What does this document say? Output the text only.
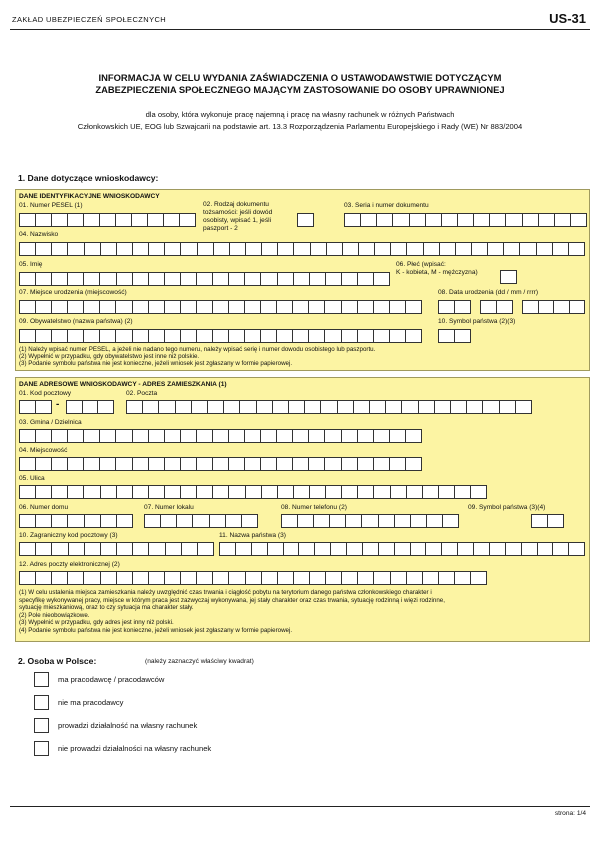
ZAKŁAD UBEZPIECZEŃ SPOŁECZNYCH	US-31
INFORMACJA W CELU WYDANIA ZAŚWIADCZENIA O USTAWODAWSTWIE DOTYCZĄCYM
ZABEZPIECZENIA SPOŁECZNEGO MAJĄCYM ZASTOSOWANIE DO OSOBY UPRAWNIONEJ
dla osoby, która wykonuje pracę najemną i pracę na własny rachunek w różnych Państwach
Członkowskich UE, EOG lub Szwajcarii na podstawie art. 13.3 Rozporządzenia Parlamentu Europejskiego i Rady (WE) Nr 883/2004
1. Dane dotyczące wnioskodawcy:
DANE IDENTYFIKACYJNE WNIOSKODAWCY
01. Numer PESEL (1)	02. Rodzaj dokumentu
tożsamości: jeśli dowód
osobisty, wpisać 1, jeśli
paszport - 2
03. Seria i numer dokumentu
04. Nazwisko
05. Imię	06. Płeć (wpisać:
K - kobieta, M - mężczyzna)
07. Miejsce urodzenia (miejscowość)	08. Data urodzenia (dd / mm / rrrr)
09. Obywatelstwo (nazwa państwa) (2)	10. Symbol państwa (2)(3)
(1) Należy wpisać numer PESEL, a jeżeli nie nadano tego numeru, należy wpisać serię i numer dowodu osobistego lub paszportu.
(2) Wypełnić w przypadku, gdy obywatelstwo jest inne niż polskie.
(3) Podanie symbolu państwa nie jest konieczne, jeżeli wniosek jest zgłaszany w formie papierowej.
DANE ADRESOWE WNIOSKODAWCY - ADRES ZAMIESZKANIA (1)
01. Kod pocztowy
-
02. Poczta
03. Gmina / Dzielnica
04. Miejscowość
05. Ulica
06. Numer domu	07. Numer lokalu	08. Numer telefonu (2)	09. Symbol państwa (3)(4)
10. Zagraniczny kod pocztowy (3)	11. Nazwa państwa (3)
12. Adres poczty elektronicznej (2)
(1) W celu ustalenia miejsca zamieszkania należy uwzględnić czas trwania i ciągłość pobytu na terytorium danego państwa członkowskiego charakter i
specyfikę wykonywanej pracy, miejsce w którym praca jest zazwyczaj wykonywana, jej stały charakter oraz czas trwania, sytuację rodzinną i więzi rodzinne,
sytuację mieszkaniową, oraz to czy sytuacja ma charakter stały.
(2) Pole nieobowiązkowe.
(3) Wypełnić w przypadku, gdy adres jest inny niż polski.
(4) Podanie symbolu państwa nie jest konieczne, jeżeli wniosek jest zgłaszany w formie papierowej.
2. Osoba w Polsce:	(należy zaznaczyć właściwy kwadrat)
ma pracodawcę / pracodawców
nie ma pracodawcy
prowadzi działalność na własny rachunek
nie prowadzi działalności na własny rachunek
strona: 1/4
